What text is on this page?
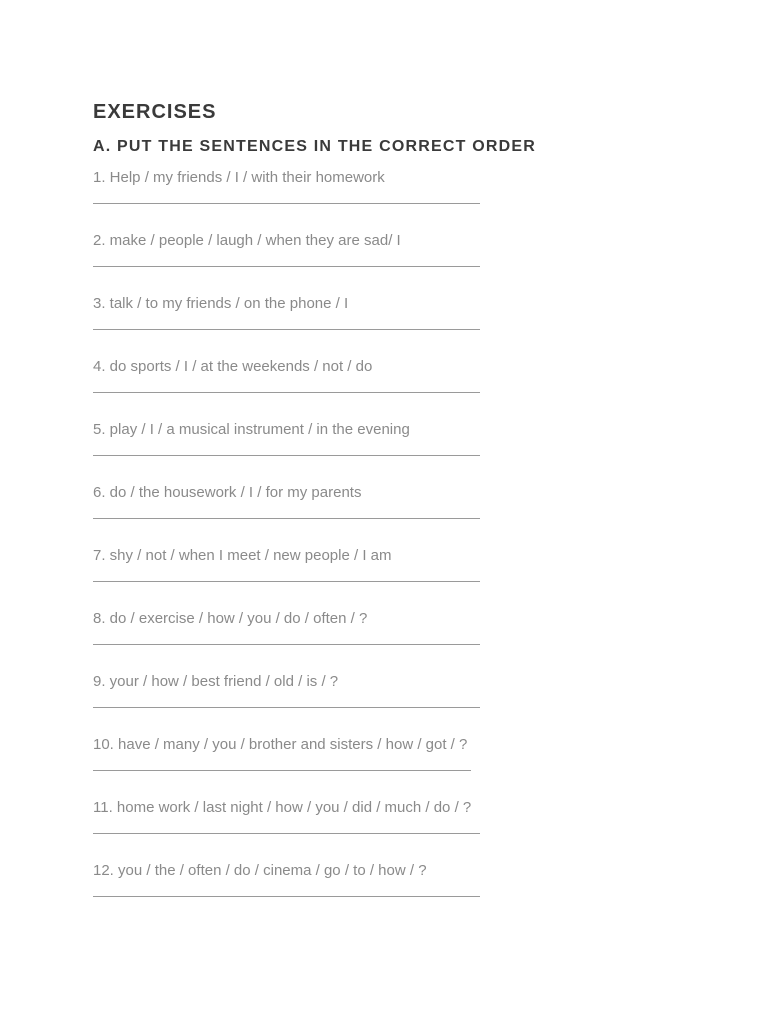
EXERCISES
A. PUT THE SENTENCES IN THE CORRECT ORDER
1. Help / my friends / I / with their homework
2. make / people / laugh / when they are sad/ I
3. talk / to my friends / on the phone / I
4. do sports / I / at the weekends / not / do
5. play / I / a musical instrument / in the evening
6. do / the housework / I / for my parents
7. shy / not / when I meet / new people / I am
8. do / exercise / how / you / do / often / ?
9. your / how / best friend / old / is / ?
10. have / many / you / brother and sisters / how / got / ?
11. home work / last night / how / you / did / much / do / ?
12. you / the / often / do / cinema / go / to / how / ?
